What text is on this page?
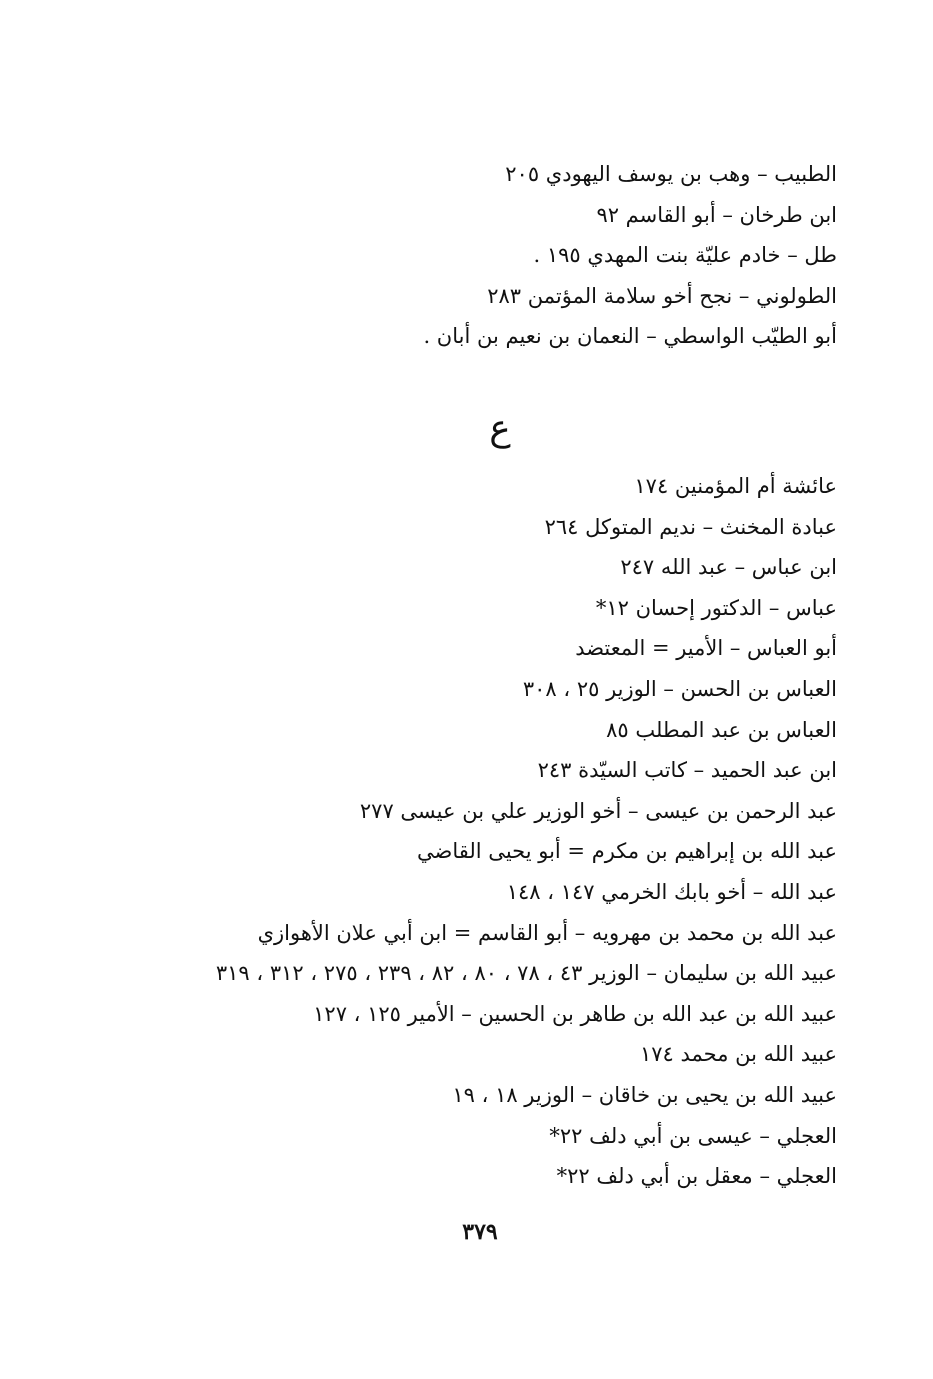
الطبيب – وهب بن يوسف اليهودي ٢٠٥
ابن طرخان – أبو القاسم ٩٢
طل – خادم عليّة بنت المهدي ١٩٥ .
الطولوني – نجح أخو سلامة المؤتمن ٢٨٣
أبو الطيّب الواسطي – النعمان بن نعيم بن أبان .
ع
عائشة أم المؤمنين ١٧٤
عبادة المخنث – نديم المتوكل ٢٦٤
ابن عباس – عبد الله ٢٤٧
عباس – الدكتور إحسان ١٢*
أبو العباس – الأمير = المعتضد
العباس بن الحسن – الوزير ٢٥ ، ٣٠٨
العباس بن عبد المطلب ٨٥
ابن عبد الحميد – كاتب السيّدة ٢٤٣
عبد الرحمن بن عيسى – أخو الوزير علي بن عيسى ٢٧٧
عبد الله بن إبراهيم بن مكرم = أبو يحيى القاضي
عبد الله – أخو بابك الخرمي ١٤٧ ، ١٤٨
عبد الله بن محمد بن مهرويه – أبو القاسم = ابن أبي علان الأهوازي
عبيد الله بن سليمان – الوزير ٤٣ ، ٧٨ ، ٨٠ ، ٨٢ ، ٢٣٩ ، ٢٧٥ ، ٣١٢ ، ٣١٩
عبيد الله بن عبد الله بن طاهر بن الحسين – الأمير ١٢٥ ، ١٢٧
عبيد الله بن محمد ١٧٤
عبيد الله بن يحيى بن خاقان – الوزير ١٨ ، ١٩
العجلي – عيسى بن أبي دلف ٢٢*
العجلي – معقل بن أبي دلف ٢٢*
٣٧٩
